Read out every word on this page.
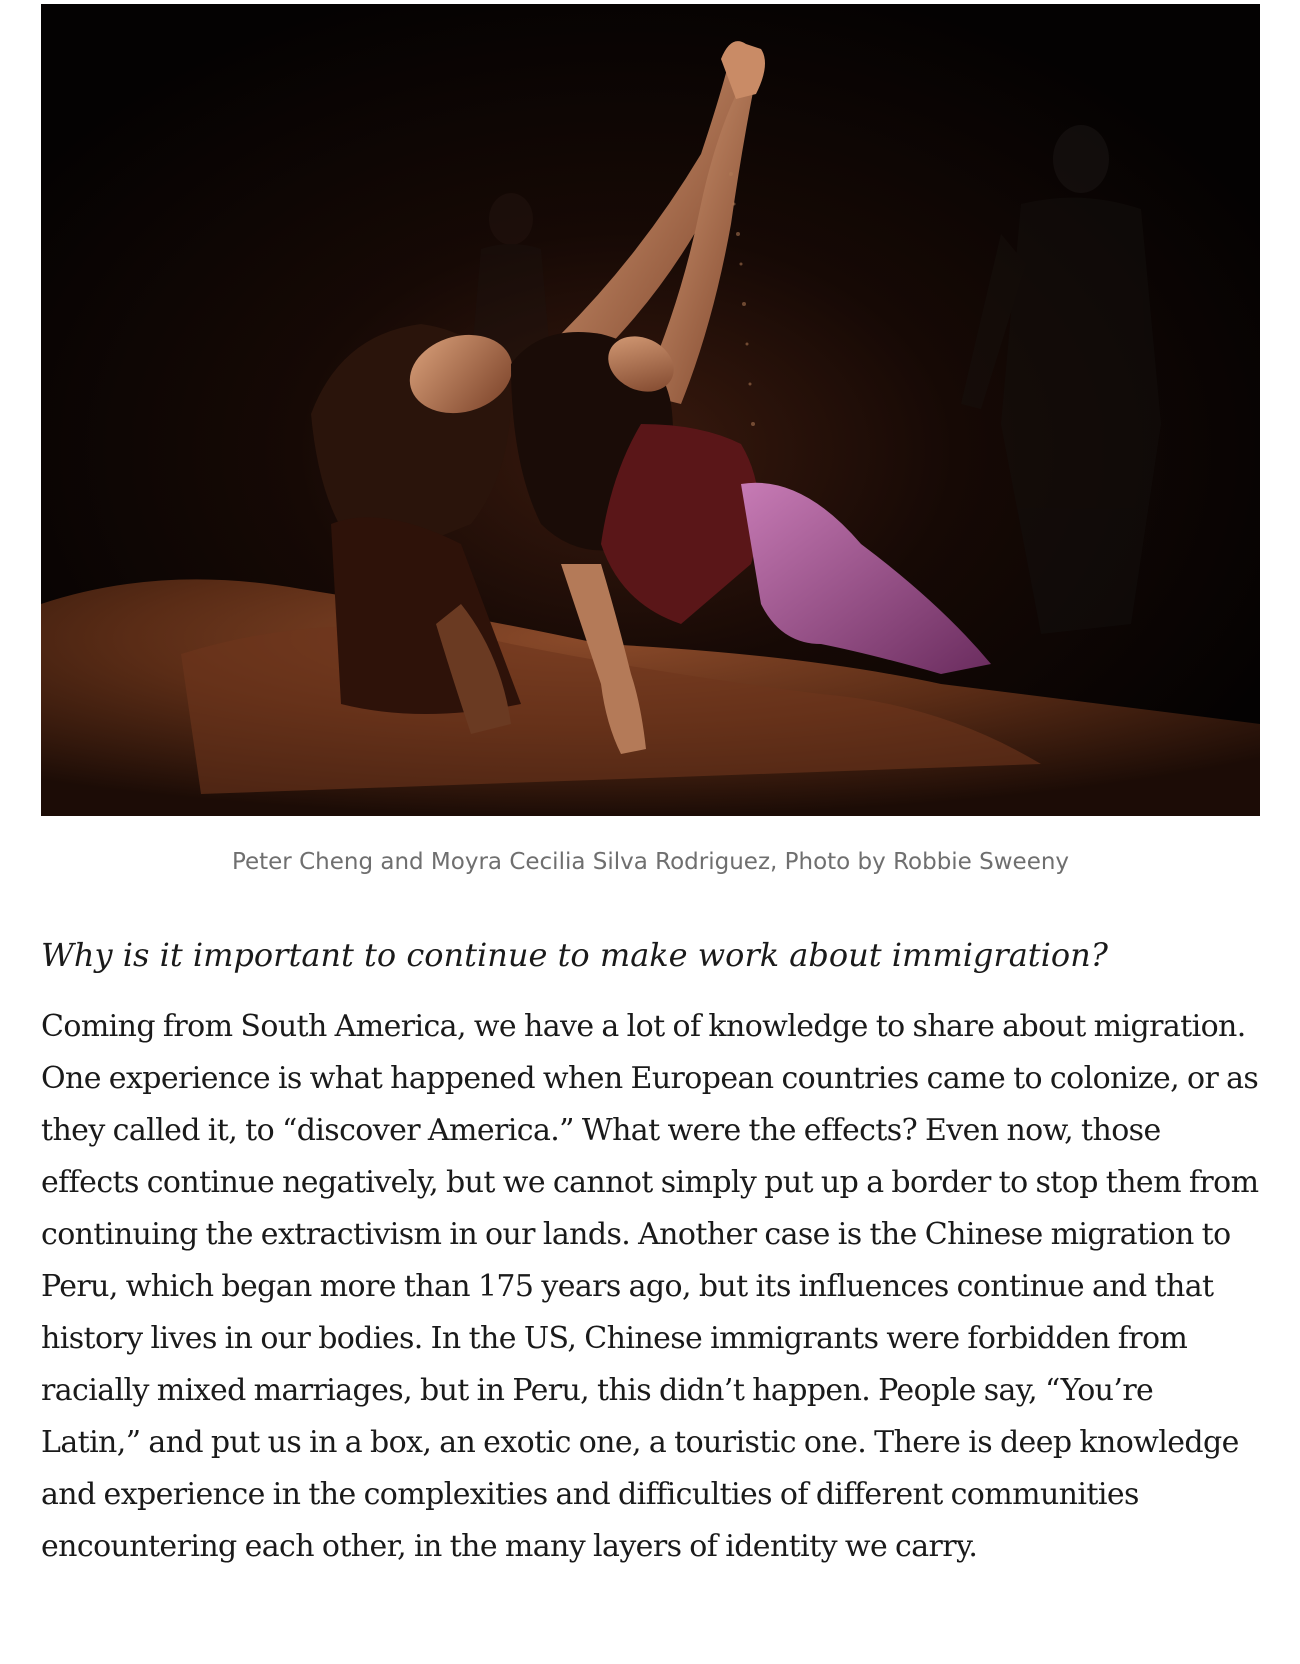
Peter Cheng and Moyra Cecilia Silva Rodriguez, Photo by Robbie Sweeny

Why is it important to continue to make work about immigration?

Coming from South America, we have a lot of knowledge to share about migration. One experience is what happened when European countries came to colonize, or as they called it, to “discover America.” What were the effects? Even now, those effects continue negatively, but we cannot simply put up a border to stop them from continuing the extractivism in our lands. Another case is the Chinese migration to Peru, which began more than 175 years ago, but its influences continue and that history lives in our bodies. In the US, Chinese immigrants were forbidden from racially mixed marriages, but in Peru, this didn’t happen. People say, “You’re Latin,” and put us in a box, an exotic one, a touristic one. There is deep knowledge and experience in the complexities and difficulties of different communities encountering each other, in the many layers of identity we carry.
